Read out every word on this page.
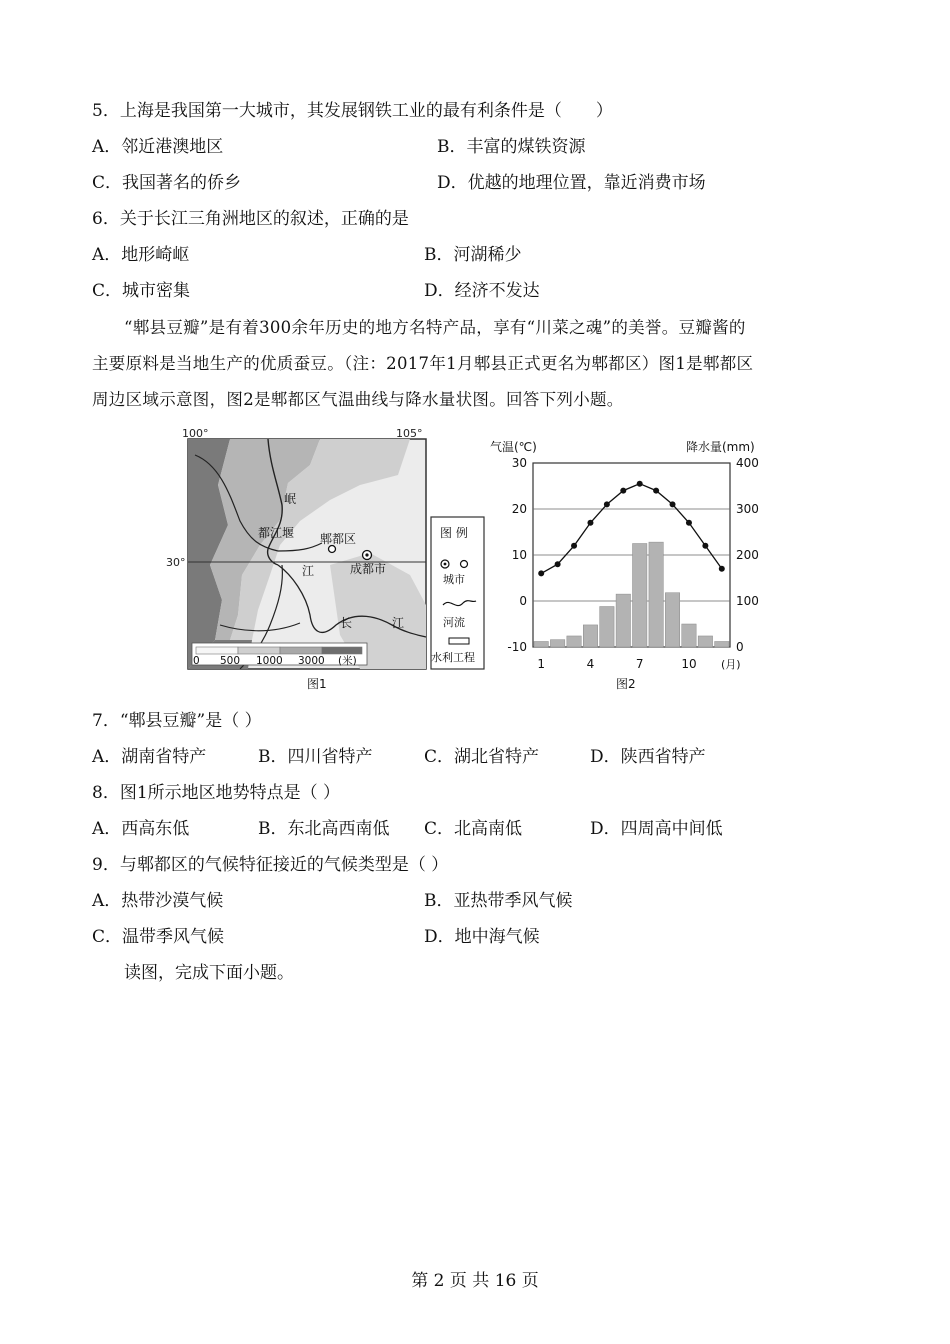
5．上海是我国第一大城市，其发展钢铁工业的最有利条件是（　　）
A．邻近港澳地区	B．丰富的煤铁资源
C．我国著名的侨乡	D．优越的地理位置，靠近消费市场
6．关于长江三角洲地区的叙述，正确的是
A．地形崎岖	B．河湖稀少
C．城市密集	D．经济不发达
“郫县豆瓣”是有着300余年历史的地方名特产品，享有“川菜之魂”的美誉。豆瓣酱的
主要原料是当地生产的优质蚕豆。（注：2017年1月郫县正式更名为郫都区）图1是郫都区
周边区域示意图，图2是郫都区气温曲线与降水量状图。回答下列小题。
100°	105°
30°
岷
都江堰 郫都区
成都市
江
长	江
0 500 1000 3000 (米)
图 例
城市
河流
水利工程
图1
气温(℃)	降水量(mm)
30
20
10
0
-10
400
300
200
100
0
1	4	7	10 (月)
图2
7．“郫县豆瓣”是（ ）
A．湖南省特产	B．四川省特产	C．湖北省特产	D．陕西省特产
8．图1所示地区地势特点是（ ）
A．西高东低	B．东北高西南低 C．北高南低	D．四周高中间低
9．与郫都区的气候特征接近的气候类型是（ ）
A．热带沙漠气候	B．亚热带季风气候
C．温带季风气候	D．地中海气候
读图，完成下面小题。
第 2 页 共 16 页
